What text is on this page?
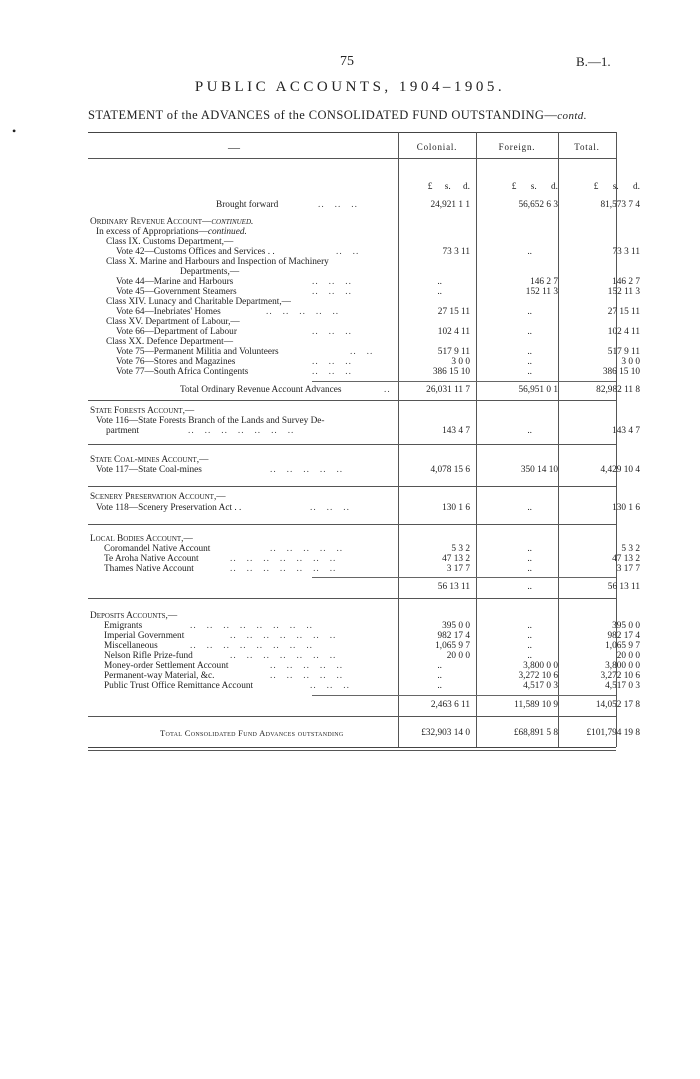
75	B.—1.
PUBLIC ACCOUNTS, 1904–1905.
STATEMENT of the ADVANCES of the CONSOLIDATED FUND OUTSTANDING—contd.
•
—	Colonial.	Foreign.	Total.
£ s. d.	£ s. d.	£ s. d.
Brought forward	..   ..   ..	24,921 1 1	56,652 6 3	81,573 7 4
Ordinary Revenue Account—continued.
In excess of Appropriations—continued.
Class IX. Customs Department,—
Vote 42—Customs Offices and Services . .	..   ..	73 3 11	..	73 3 11
Class X. Marine and Harbours and Inspection of Machinery
Departments,—
Vote 44—Marine and Harbours	..   ..   ..	..	146 2 7	146 2 7
Vote 45—Government Steamers	..   ..   ..	..	152 11 3	152 11 3
Class XIV. Lunacy and Charitable Department,—
Vote 64—Inebriates' Homes	..   ..   ..   ..   ..	27 15 11	..	27 15 11
Class XV. Department of Labour,—
Vote 66—Department of Labour	..   ..   ..	102 4 11	..	102 4 11
Class XX. Defence Department—
Vote 75—Permanent Militia and Volunteers	..   ..	517 9 11	..	517 9 11
Vote 76—Stores and Magazines	..   ..   ..	3 0 0	..	3 0 0
Vote 77—South Africa Contingents	..   ..   ..	386 15 10	..	386 15 10
Total Ordinary Revenue Account Advances	..	26,031 11 7	56,951 0 1	82,982 11 8
State Forests Account,—
Vote 116—State Forests Branch of the Lands and Survey De-
partment	..   ..   ..   ..   ..   ..   ..	143 4 7	..	143 4 7
State Coal-mines Account,—
Vote 117—State Coal-mines	..   ..   ..   ..   ..	4,078 15 6	350 14 10	4,429 10 4
Scenery Preservation Account,—
Vote 118—Scenery Preservation Act . .	..   ..   ..	130 1 6	..	130 1 6
Local Bodies Account,—
Coromandel Native Account	..   ..   ..   ..   ..	5 3 2	..	5 3 2
Te Aroha Native Account	..   ..   ..   ..   ..   ..   ..	47 13 2	..	47 13 2
Thames Native Account	..   ..   ..   ..   ..   ..   ..	3 17 7	..	3 17 7
56 13 11	..	56 13 11
Deposits Accounts,—
Emigrants	..   ..   ..   ..   ..   ..   ..   ..	395 0 0	..	395 0 0
Imperial Government	..   ..   ..   ..   ..   ..   ..	982 17 4	..	982 17 4
Miscellaneous	..   ..   ..   ..   ..   ..   ..   ..	1,065 9 7	..	1,065 9 7
Nelson Rifle Prize-fund	..   ..   ..   ..   ..   ..   ..	20 0 0	..	20 0 0
Money-order Settlement Account	..   ..   ..   ..   ..	..	3,800 0 0	3,800 0 0
Permanent-way Material, &c.	..   ..   ..   ..   ..	..	3,272 10 6	3,272 10 6
Public Trust Office Remittance Account	..   ..   ..	..	4,517 0 3	4,517 0 3
2,463 6 11	11,589 10 9	14,052 17 8
Total Consolidated Fund Advances outstanding	£32,903 14 0	£68,891 5 8	£101,794 19 8
